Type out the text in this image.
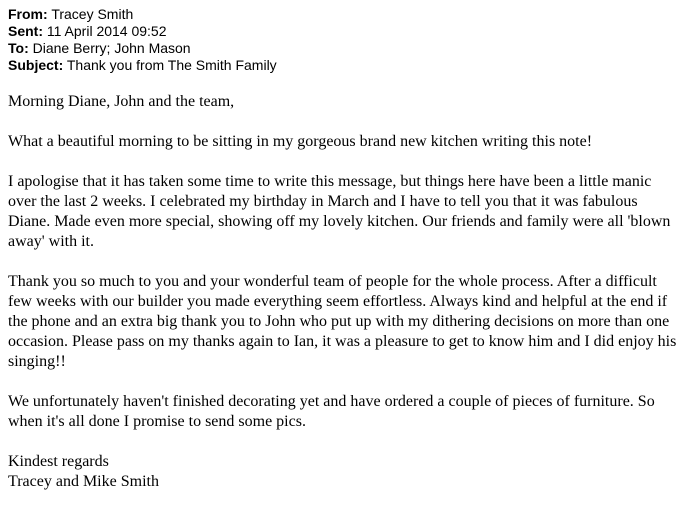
From: Tracey Smith
Sent: 11 April 2014 09:52
To: Diane Berry; John Mason
Subject: Thank you from The Smith Family

Morning Diane, John and the team,

What a beautiful morning to be sitting in my gorgeous brand new kitchen writing this note!

I apologise that it has taken some time to write this message, but things here have been a little manic over the last 2 weeks. I celebrated my birthday in March and I have to tell you that it was fabulous Diane. Made even more special, showing off my lovely kitchen. Our friends and family were all 'blown away' with it.

Thank you so much to you and your wonderful team of people for the whole process. After a difficult few weeks with our builder you made everything seem effortless. Always kind and helpful at the end if the phone and an extra big thank you to John who put up with my dithering decisions on more than one occasion. Please pass on my thanks again to Ian, it was a pleasure to get to know him and I did enjoy his singing!!

We unfortunately haven't finished decorating yet and have ordered a couple of pieces of furniture. So when it's all done I promise to send some pics.

Kindest regards
Tracey and Mike Smith
